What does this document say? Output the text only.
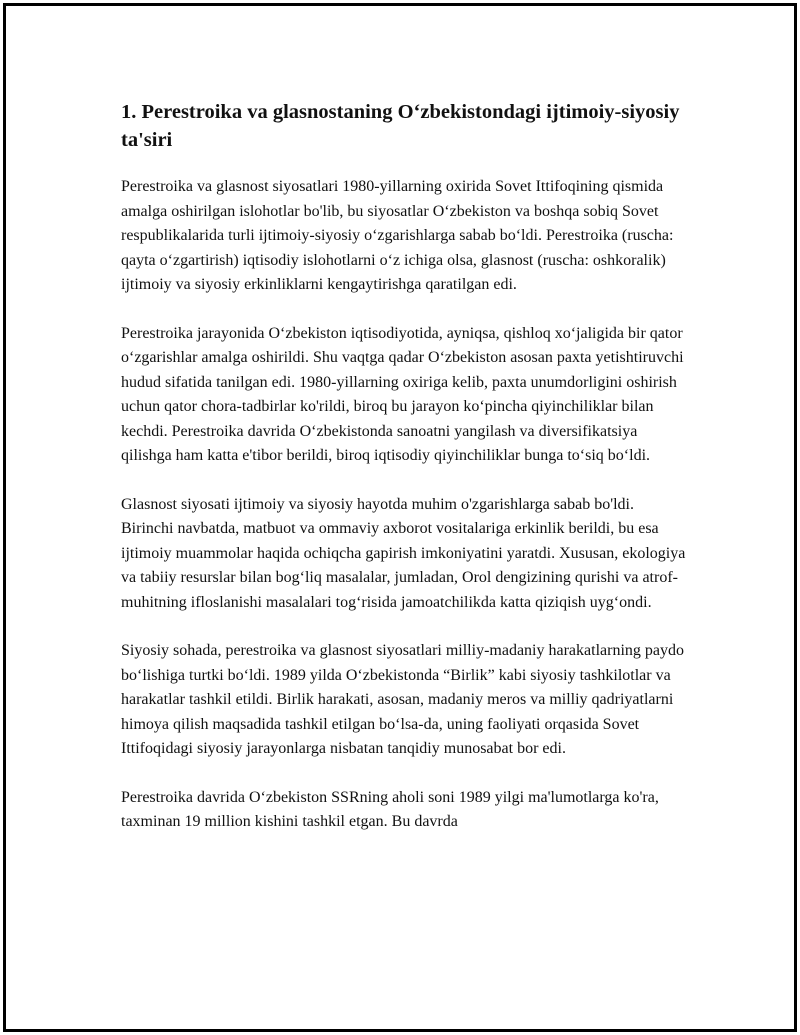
1. Perestroika va glasnostaning O‘zbekistondagi ijtimoiy-siyosiy ta'siri

Perestroika va glasnost siyosatlari 1980-yillarning oxirida Sovet Ittifoqining qismida amalga oshirilgan islohotlar bo'lib, bu siyosatlar O‘zbekiston va boshqa sobiq Sovet respublikalarida turli ijtimoiy-siyosiy o‘zgarishlarga sabab bo‘ldi. Perestroika (ruscha: qayta o‘zgartirish) iqtisodiy islohotlarni o‘z ichiga olsa, glasnost (ruscha: oshkoralik) ijtimoiy va siyosiy erkinliklarni kengaytirishga qaratilgan edi.

Perestroika jarayonida O‘zbekiston iqtisodiyotida, ayniqsa, qishloq xo‘jaligida bir qator o‘zgarishlar amalga oshirildi. Shu vaqtga qadar O‘zbekiston asosan paxta yetishtiruvchi hudud sifatida tanilgan edi. 1980-yillarning oxiriga kelib, paxta unumdorligini oshirish uchun qator chora-tadbirlar ko'rildi, biroq bu jarayon ko‘pincha qiyinchiliklar bilan kechdi. Perestroika davrida O‘zbekistonda sanoatni yangilash va diversifikatsiya qilishga ham katta e'tibor berildi, biroq iqtisodiy qiyinchiliklar bunga to‘siq bo‘ldi.

Glasnost siyosati ijtimoiy va siyosiy hayotda muhim o'zgarishlarga sabab bo'ldi. Birinchi navbatda, matbuot va ommaviy axborot vositalariga erkinlik berildi, bu esa ijtimoiy muammolar haqida ochiqcha gapirish imkoniyatini yaratdi. Xususan, ekologiya va tabiiy resurslar bilan bog‘liq masalalar, jumladan, Orol dengizining qurishi va atrof-muhitning ifloslanishi masalalari tog‘risida jamoatchilikda katta qiziqish uyg‘ondi.

Siyosiy sohada, perestroika va glasnost siyosatlari milliy-madaniy harakatlarning paydo bo‘lishiga turtki bo‘ldi. 1989 yilda O‘zbekistonda “Birlik” kabi siyosiy tashkilotlar va harakatlar tashkil etildi. Birlik harakati, asosan, madaniy meros va milliy qadriyatlarni himoya qilish maqsadida tashkil etilgan bo‘lsa-da, uning faoliyati orqasida Sovet Ittifoqidagi siyosiy jarayonlarga nisbatan tanqidiy munosabat bor edi.

Perestroika davrida O‘zbekiston SSRning aholi soni 1989 yilgi ma'lumotlarga ko'ra, taxminan 19 million kishini tashkil etgan. Bu davrda
